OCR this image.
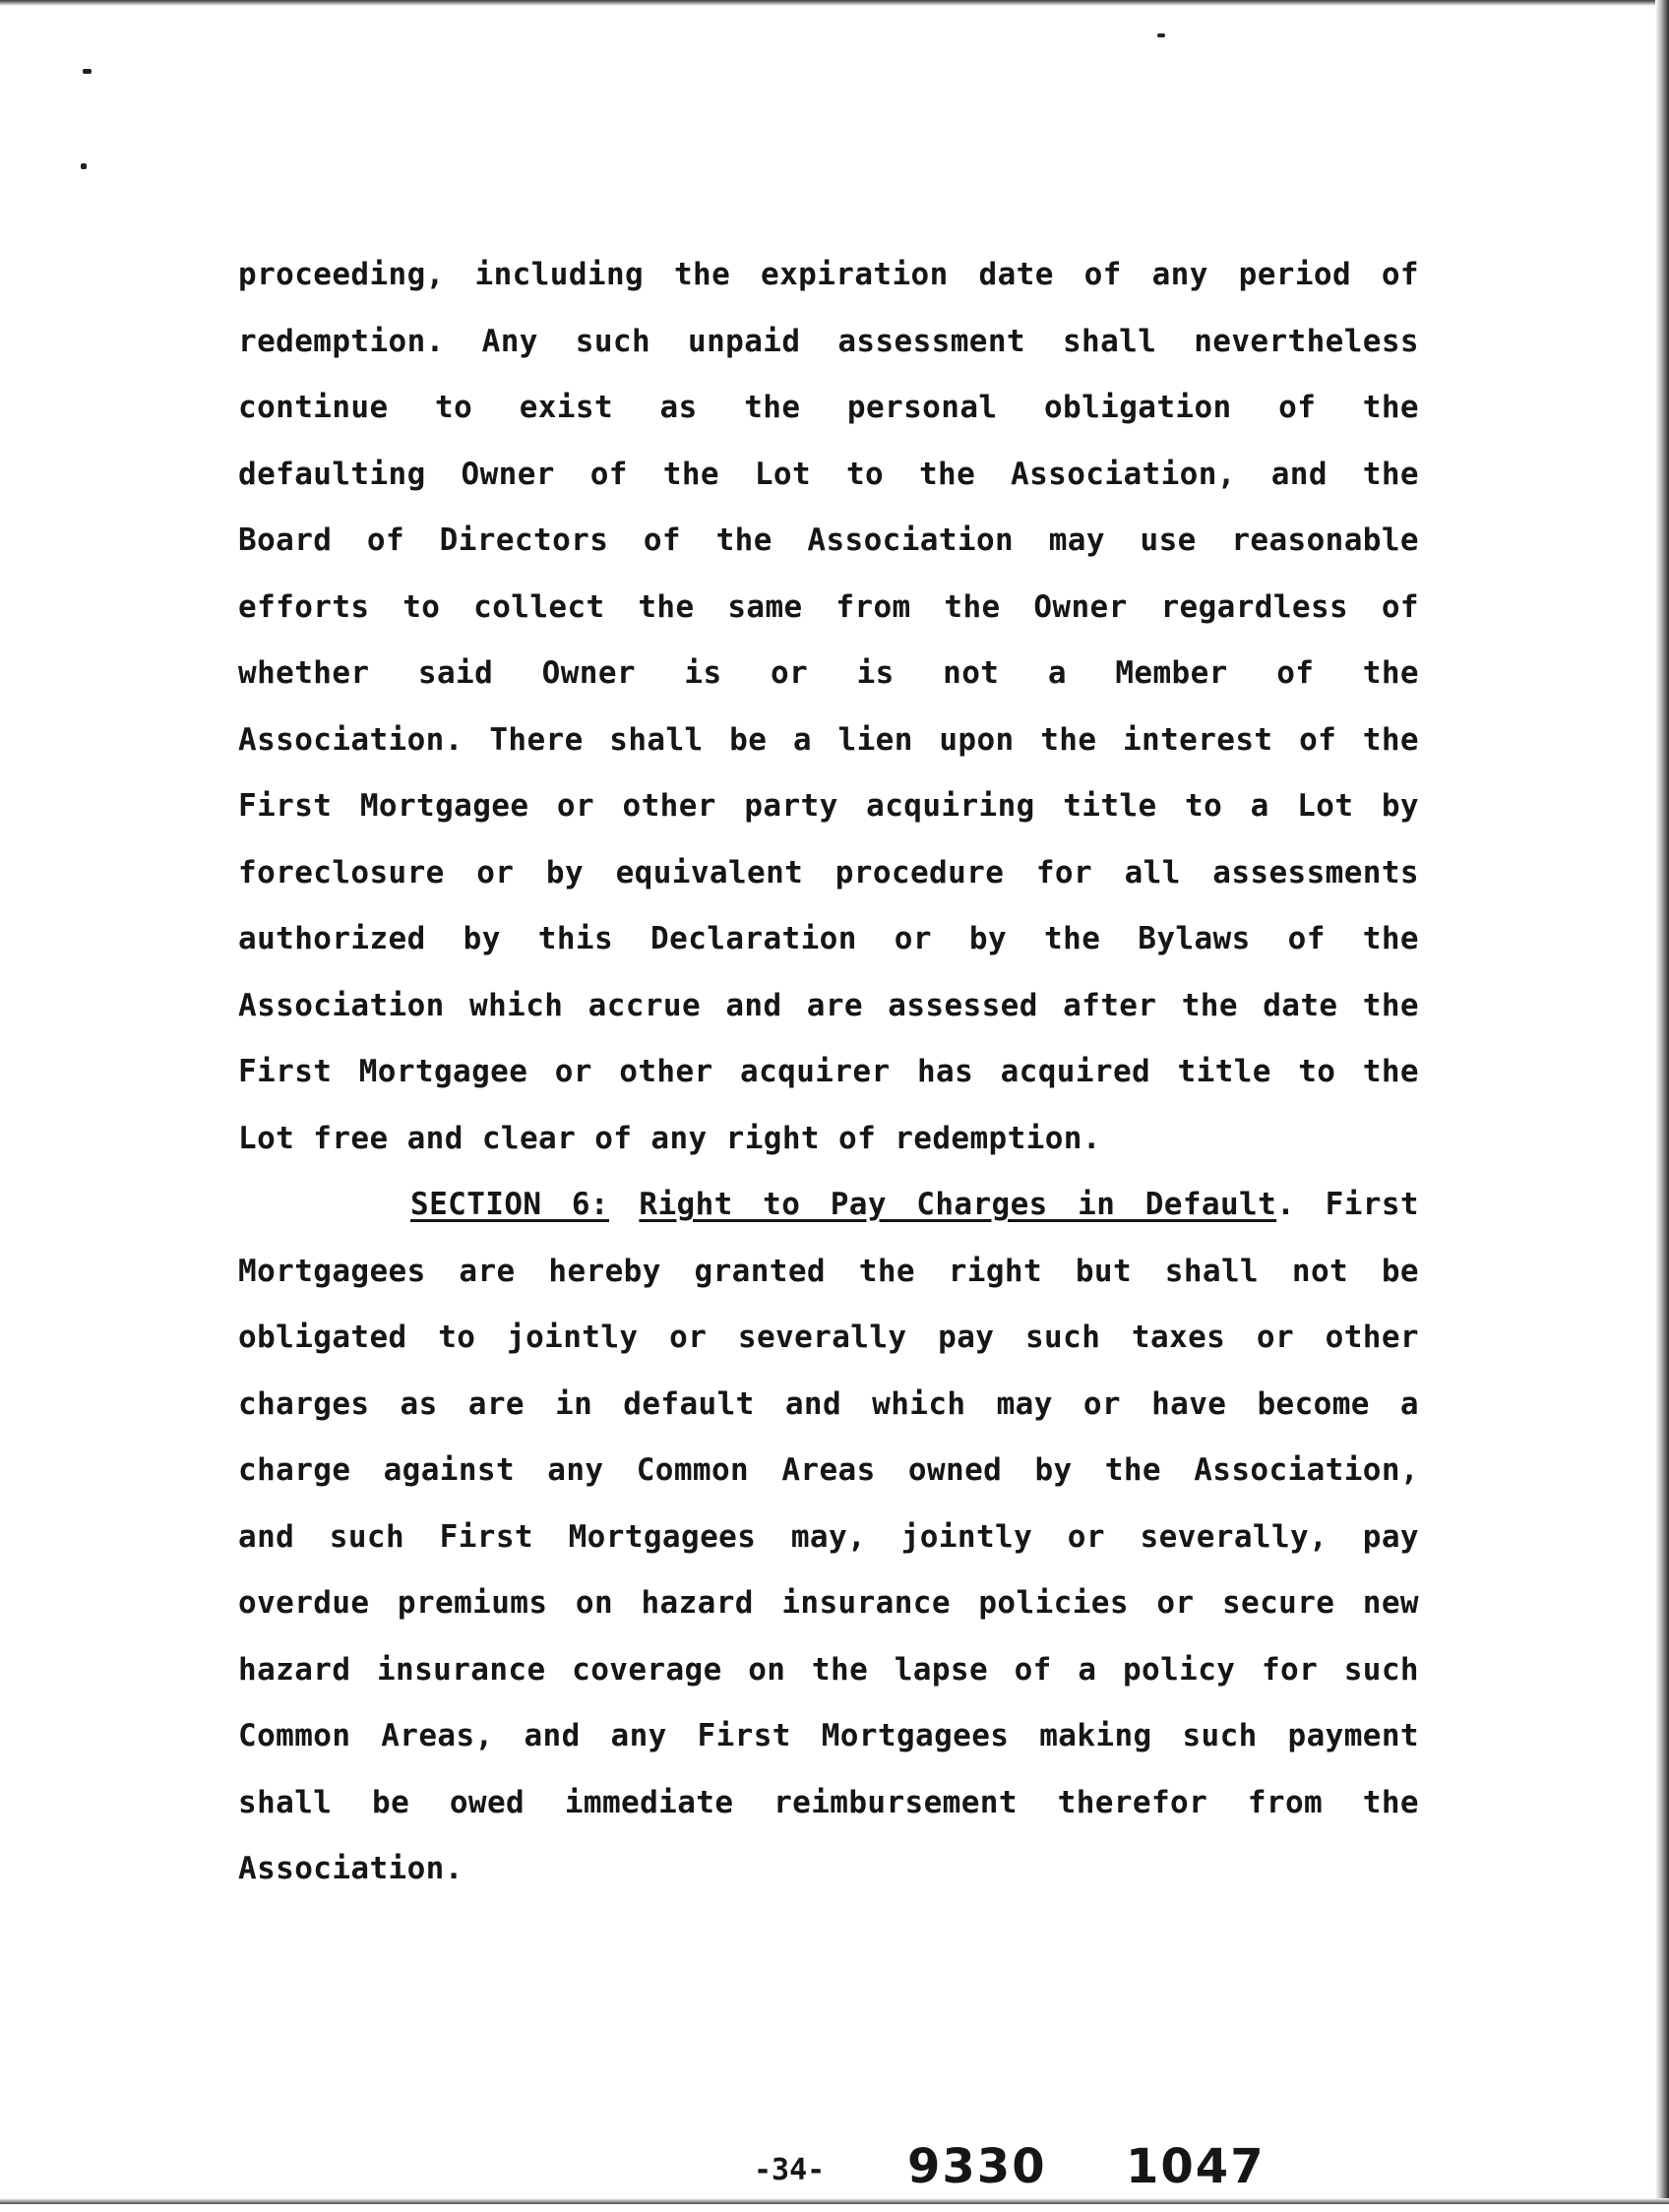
proceeding, including the expiration date of any period of
redemption. Any such unpaid assessment shall nevertheless
continue to exist as the personal obligation of the
defaulting Owner of the Lot to the Association, and the
Board of Directors of the Association may use reasonable
efforts to collect the same from the Owner regardless of
whether said Owner is or is not a Member of the
Association. There shall be a lien upon the interest of the
First Mortgagee or other party acquiring title to a Lot by
foreclosure or by equivalent procedure for all assessments
authorized by this Declaration or by the Bylaws of the
Association which accrue and are assessed after the date the
First Mortgagee or other acquirer has acquired title to the
Lot free and clear of any right of redemption.
SECTION 6: Right to Pay Charges in Default. First
Mortgagees are hereby granted the right but shall not be
obligated to jointly or severally pay such taxes or other
charges as are in default and which may or have become a
charge against any Common Areas owned by the Association,
and such First Mortgagees may, jointly or severally, pay
overdue premiums on hazard insurance policies or secure new
hazard insurance coverage on the lapse of a policy for such
Common Areas, and any First Mortgagees making such payment
shall be owed immediate reimbursement therefor from the
Association.
-34- 9330 1047
